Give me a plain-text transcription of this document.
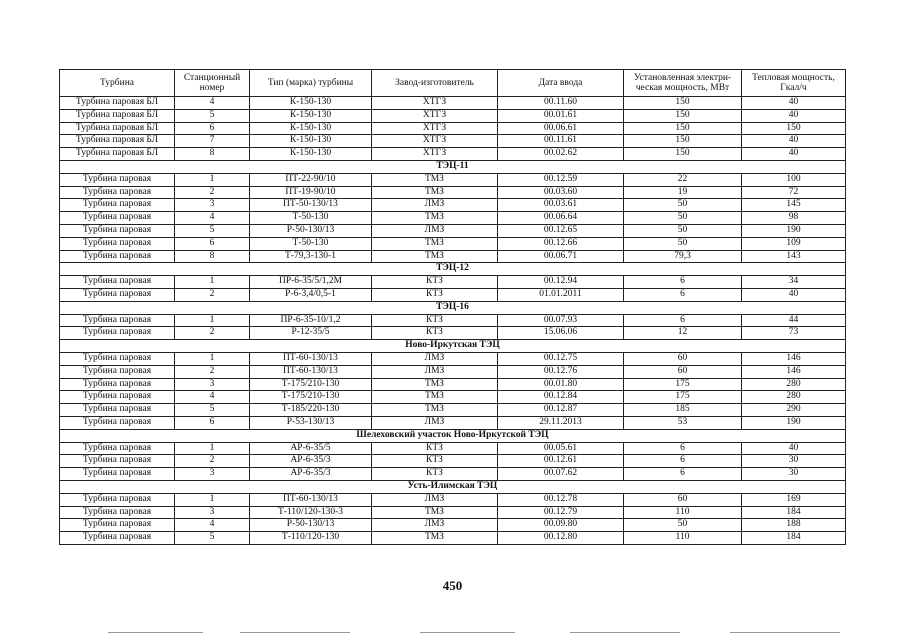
Турбина	Станционный номер	Тип (марка) турбины	Завод-изготовитель	Дата ввода	Установленная электри-ческая мощность, МВт	Тепловая мощность, Гкал/ч
Турбина паровая БЛ	4	К-150-130	ХТГЗ	00.11.60	150	40
Турбина паровая БЛ	5	К-150-130	ХТГЗ	00.01.61	150	40
Турбина паровая БЛ	6	К-150-130	ХТГЗ	00.06.61	150	150
Турбина паровая БЛ	7	К-150-130	ХТГЗ	00.11.61	150	40
Турбина паровая БЛ	8	К-150-130	ХТГЗ	00.02.62	150	40
ТЭЦ-11						
Турбина паровая	1	ПТ-22-90/10	ТМЗ	00.12.59	22	100
Турбина паровая	2	ПТ-19-90/10	ТМЗ	00.03.60	19	72
Турбина паровая	3	ПТ-50-130/13	ЛМЗ	00.03.61	50	145
Турбина паровая	4	Т-50-130	ТМЗ	00.06.64	50	98
Турбина паровая	5	Р-50-130/13	ЛМЗ	00.12.65	50	190
Турбина паровая	6	Т-50-130	ТМЗ	00.12.66	50	109
Турбина паровая	8	Т-79,3-130-1	ТМЗ	00.06.71	79,3	143
ТЭЦ-12						
Турбина паровая	1	ПР-6-35/5/1,2М	КТЗ	00.12.94	6	34
Турбина паровая	2	Р-6-3,4/0,5-1	КТЗ	01.01.2011	6	40
ТЭЦ-16						
Турбина паровая	1	ПР-6-35-10/1,2	КТЗ	00.07.93	6	44
Турбина паровая	2	Р-12-35/5	КТЗ	15.06.06	12	73
Ново-Иркутская ТЭЦ						
Турбина паровая	1	ПТ-60-130/13	ЛМЗ	00.12.75	60	146
Турбина паровая	2	ПТ-60-130/13	ЛМЗ	00.12.76	60	146
Турбина паровая	3	Т-175/210-130	ТМЗ	00.01.80	175	280
Турбина паровая	4	Т-175/210-130	ТМЗ	00.12.84	175	280
Турбина паровая	5	Т-185/220-130	ТМЗ	00.12.87	185	290
Турбина паровая	6	Р-53-130/13	ЛМЗ	29.11.2013	53	190
Шелеховский участок Ново-Иркутской ТЭЦ						
Турбина паровая	1	АР-6-35/5	КТЗ	00.05.61	6	40
Турбина паровая	2	АР-6-35/3	КТЗ	00.12.61	6	30
Турбина паровая	3	АР-6-35/3	КТЗ	00.07.62	6	30
Усть-Илимская ТЭЦ						
Турбина паровая	1	ПТ-60-130/13	ЛМЗ	00.12.78	60	169
Турбина паровая	3	Т-110/120-130-3	ТМЗ	00.12.79	110	184
Турбина паровая	4	Р-50-130/13	ЛМЗ	00.09.80	50	188
Турбина паровая	5	Т-110/120-130	ТМЗ	00.12.80	110	184
450
